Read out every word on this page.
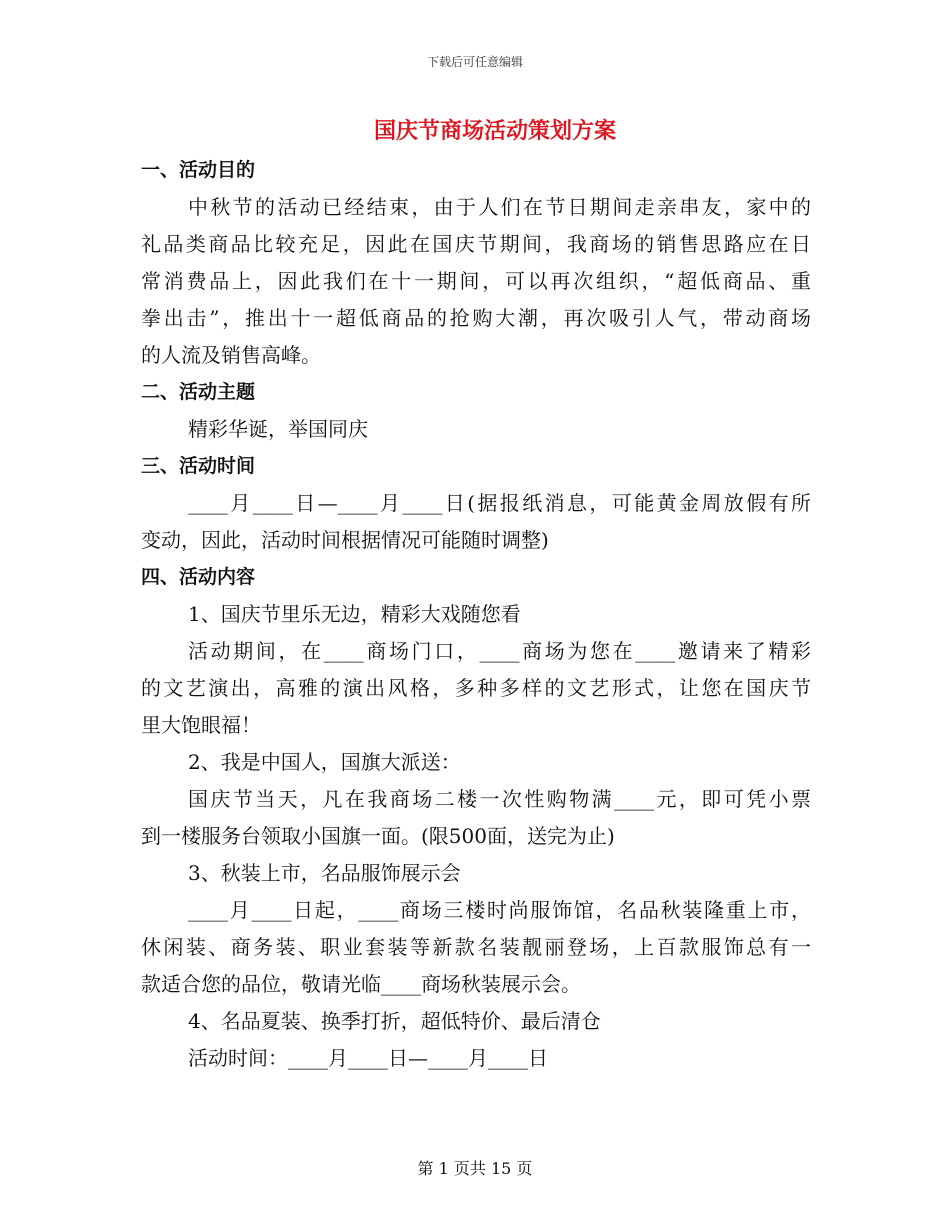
下载后可任意编辑
国庆节商场活动策划方案
一、活动目的
中秋节的活动已经结束，由于人们在节日期间走亲串友，家中的
礼品类商品比较充足，因此在国庆节期间，我商场的销售思路应在日
常消费品上，因此我们在十一期间，可以再次组织，“超低商品、重
拳出击”，推出十一超低商品的抢购大潮，再次吸引人气，带动商场
的人流及销售高峰。
二、活动主题
精彩华诞，举国同庆
三、活动时间
____月____日—____月____日(据报纸消息，可能黄金周放假有所
变动，因此，活动时间根据情况可能随时调整)
四、活动内容
1、国庆节里乐无边，精彩大戏随您看
活动期间，在____商场门口，____商场为您在____邀请来了精彩
的文艺演出，高雅的演出风格，多种多样的文艺形式，让您在国庆节
里大饱眼福！
2、我是中国人，国旗大派送：
国庆节当天，凡在我商场二楼一次性购物满____元，即可凭小票
到一楼服务台领取小国旗一面。(限500面，送完为止)
3、秋装上市，名品服饰展示会
____月____日起，____商场三楼时尚服饰馆，名品秋装隆重上市，
休闲装、商务装、职业套装等新款名装靓丽登场，上百款服饰总有一
款适合您的品位，敬请光临____商场秋装展示会。
4、名品夏装、换季打折，超低特价、最后清仓
活动时间：____月____日—____月____日
第 1 页共 15 页
